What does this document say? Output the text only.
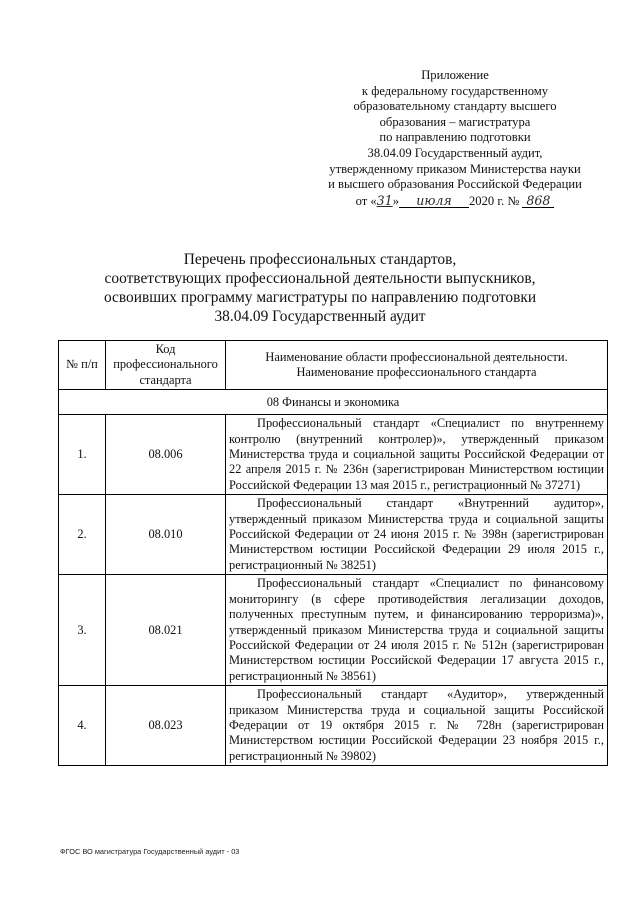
Приложение
к федеральному государственному
образовательному стандарту высшего
образования – магистратура
по направлению подготовки
38.04.09 Государственный аудит,
утвержденному приказом Министерства науки
и высшего образования Российской Федерации
от «31» июля 2020 г. № 868
Перечень профессиональных стандартов,
соответствующих профессиональной деятельности выпускников,
освоивших программу магистратуры по направлению подготовки
38.04.09 Государственный аудит
№ п/п	Код профессионального стандарта	Наименование области профессиональной деятельности. Наименование профессионального стандарта
08 Финансы и экономика		
1.	08.006	Профессиональный стандарт «Специалист по внутреннему контролю (внутренний контролер)», утвержденный приказом Министерства труда и социальной защиты Российской Федерации от 22 апреля 2015 г. № 236н (зарегистрирован Министерством юстиции Российской Федерации 13 мая 2015 г., регистрационный № 37271)
2.	08.010	Профессиональный стандарт «Внутренний аудитор», утвержденный приказом Министерства труда и социальной защиты Российской Федерации от 24 июня 2015 г. № 398н (зарегистрирован Министерством юстиции Российской Федерации 29 июля 2015 г., регистрационный № 38251)
3.	08.021	Профессиональный стандарт «Специалист по финансовому мониторингу (в сфере противодействия легализации доходов, полученных преступным путем, и финансированию терроризма)», утвержденный приказом Министерства труда и социальной защиты Российской Федерации от 24 июля 2015 г. № 512н (зарегистрирован Министерством юстиции Российской Федерации 17 августа 2015 г., регистрационный № 38561)
4.	08.023	Профессиональный стандарт «Аудитор», утвержденный приказом Министерства труда и социальной защиты Российской Федерации от 19 октября 2015 г. № 728н (зарегистрирован Министерством юстиции Российской Федерации 23 ноября 2015 г., регистрационный № 39802)
ФГОС ВО магистратура Государственный аудит - 03
